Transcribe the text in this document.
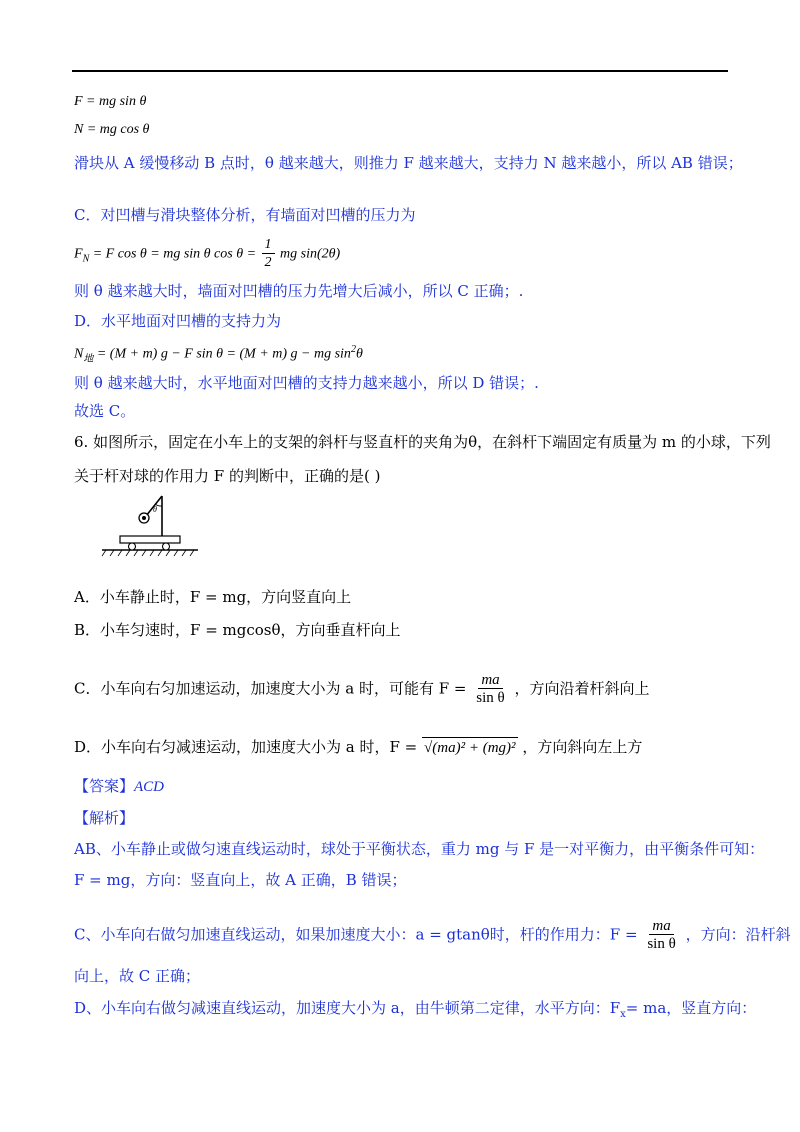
F = mg sin θ
N = mg cos θ
滑块从 A 缓慢移动 B 点时，θ 越来越大，则推力 F 越来越大，支持力 N 越来越小，所以 AB 错误；
C．对凹槽与滑块整体分析，有墙面对凹槽的压力为
$F_N = F$ cos θ = mg sin θ $\cos \theta = \frac{1}{2}$ mg sin(2θ)
则 θ 越来越大时，墙面对凹槽的压力先增大后减小，所以 C 正确；.
D．水平地面对凹槽的支持力为
$N_地 = (M + m) g - F$ sin θ = (M + m) g − mg $\sin^2\theta$
则 θ 越来越大时，水平地面对凹槽的支持力越来越小，所以 D 错误；.
故选 C。
6. 如图所示，固定在小车上的支架的斜杆与竖直杆的夹角为θ，在斜杆下端固定有质量为 m 的小球，下列
关于杆对球的作用力 F 的判断中，正确的是( )
θ
A．小车静止时，F = mg，方向竖直向上
B．小车匀速时，F = mgcosθ，方向垂直杆向上
C．小车向右匀加速运动，加速度大小为 a 时，可能有 $F = \frac{ma}{\text{sin θ}}$ ，方向沿着杆斜向上
D．小车向右匀减速运动，加速度大小为 a 时，F = √(ma)² + (mg)² ，方向斜向左上方
【答案】ACD
【解析】
AB、小车静止或做匀速直线运动时，球处于平衡状态，重力 mg 与 F 是一对平衡力，由平衡条件可知：
F = mg，方向：竖直向上，故 A 正确，B 错误；
C、小车向右做匀加速直线运动，如果加速度大小：a = gtanθ时，杆的作用力：$F = \frac{ma}{\text{sin θ}}$ ，方向：沿杆斜
向上，故 C 正确；
D、小车向右做匀减速直线运动，加速度大小为 a，由牛顿第二定律，水平方向：$F_x=$ ma，竖直方向：
